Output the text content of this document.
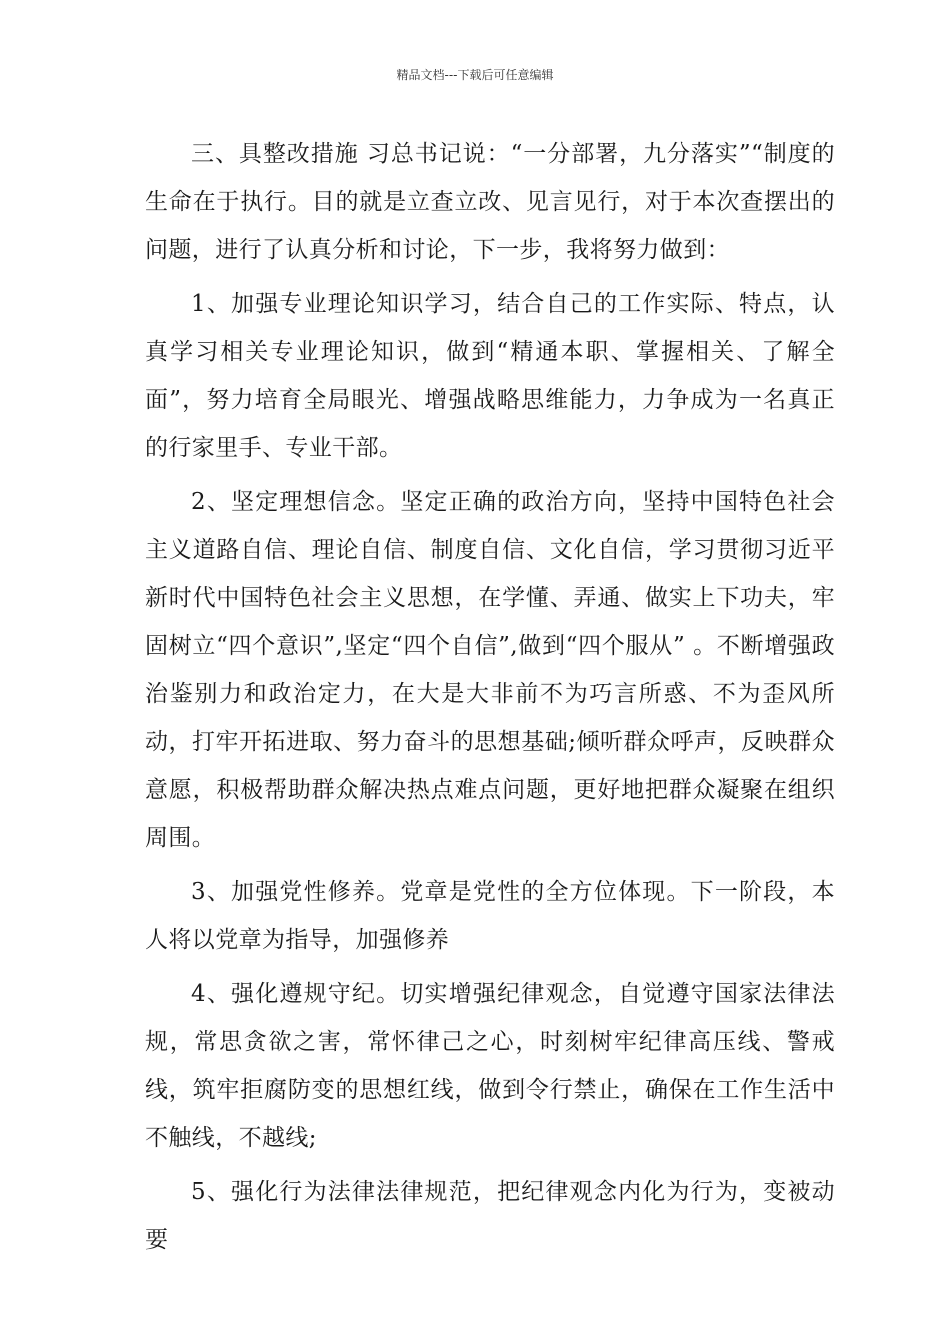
精品文档---下载后可任意编辑

三、具整改措施 习总书记说：“一分部署，九分落实”“制度的生命在于执行。目的就是立查立改、见言见行，对于本次查摆出的问题，进行了认真分析和讨论，下一步，我将努力做到：

1、加强专业理论知识学习，结合自己的工作实际、特点，认真学习相关专业理论知识，做到“精通本职、掌握相关、了解全面”，努力培育全局眼光、增强战略思维能力，力争成为一名真正的行家里手、专业干部。

2、坚定理想信念。坚定正确的政治方向，坚持中国特色社会主义道路自信、理论自信、制度自信、文化自信，学习贯彻习近平新时代中国特色社会主义思想，在学懂、弄通、做实上下功夫，牢固树立“四个意识”,坚定“四个自信”,做到“四个服从” 。不断增强政治鉴别力和政治定力，在大是大非前不为巧言所惑、不为歪风所动，打牢开拓进取、努力奋斗的思想基础;倾听群众呼声，反映群众意愿，积极帮助群众解决热点难点问题，更好地把群众凝聚在组织周围。

3、加强党性修养。党章是党性的全方位体现。下一阶段，本人将以党章为指导，加强修养

4、强化遵规守纪。切实增强纪律观念，自觉遵守国家法律法规，常思贪欲之害，常怀律己之心，时刻树牢纪律高压线、警戒线，筑牢拒腐防变的思想红线，做到令行禁止，确保在工作生活中不触线，不越线;

5、强化行为法律法律规范，把纪律观念内化为行为，变被动要
